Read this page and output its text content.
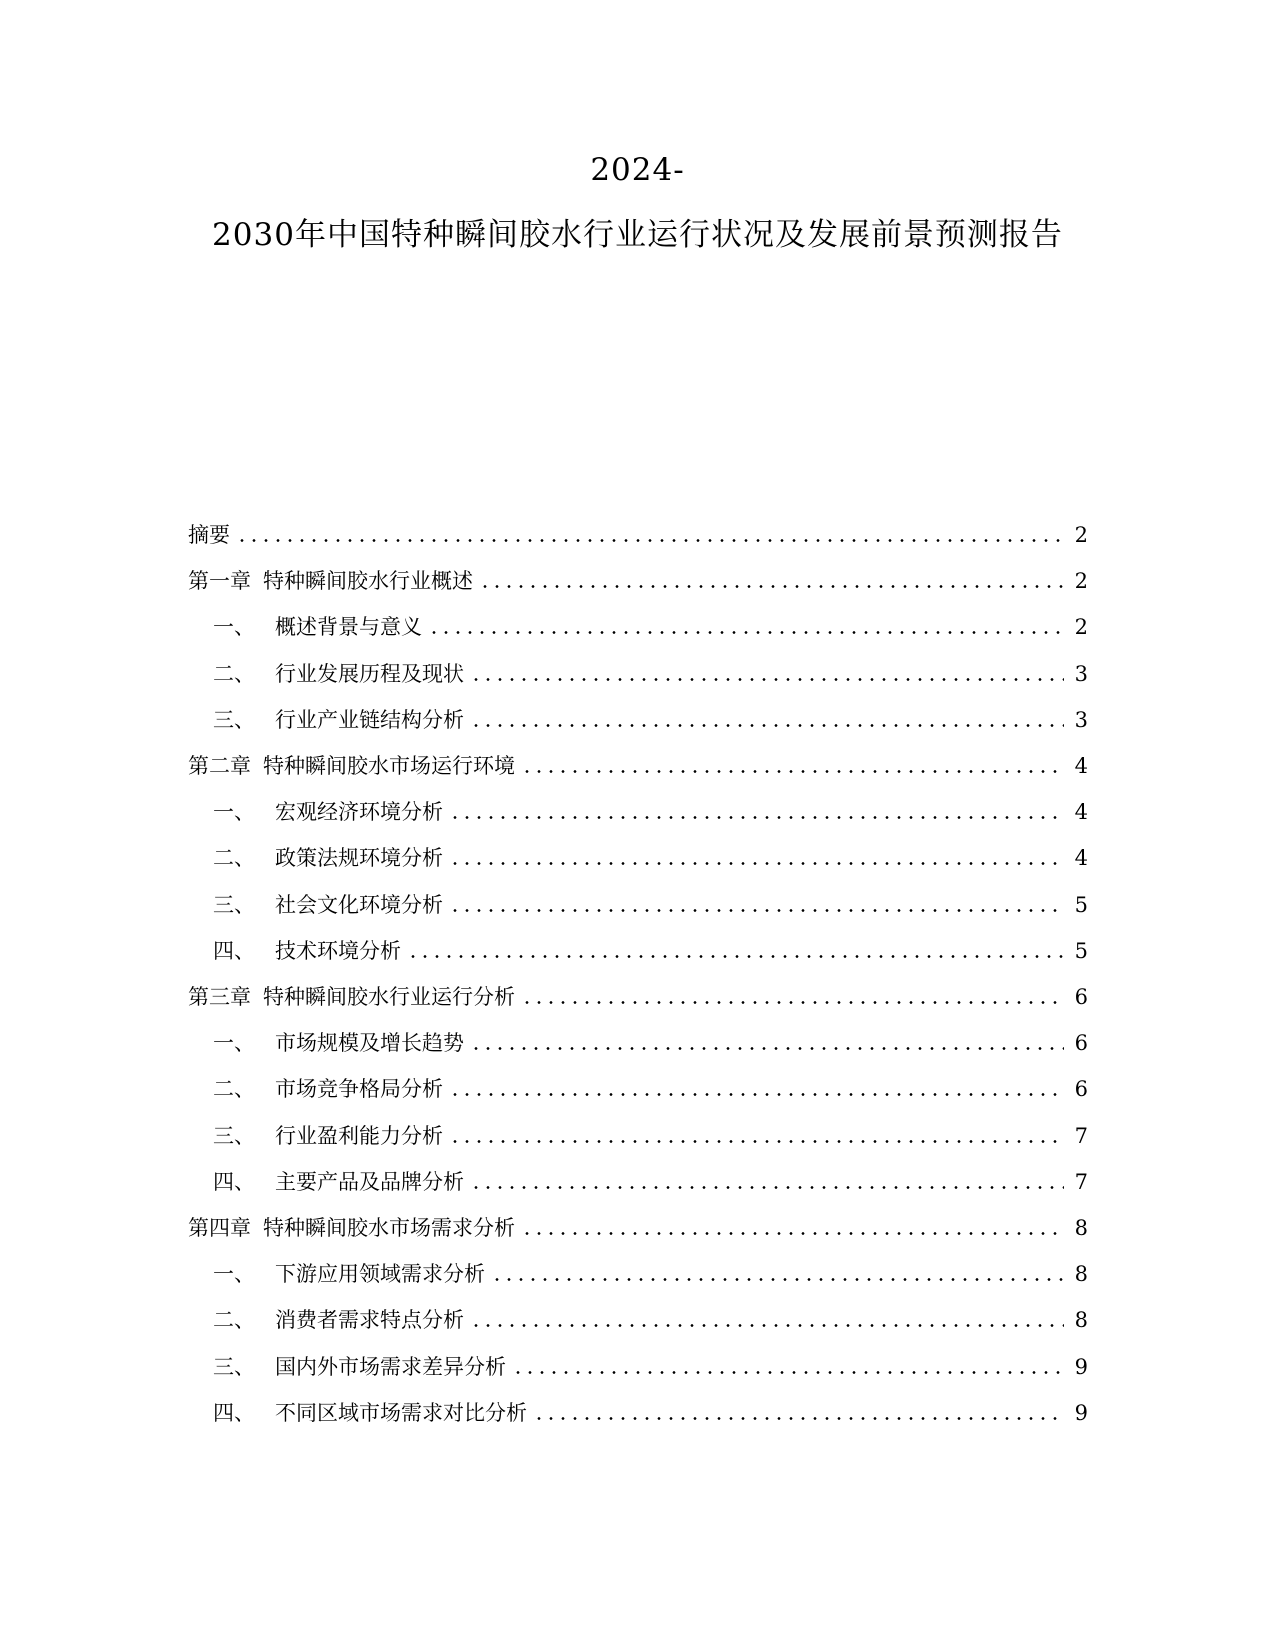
2024-
2030年中国特种瞬间胶水行业运行状况及发展前景预测报告
摘要	2
第一章 特种瞬间胶水行业概述	2
一、 概述背景与意义	2
二、 行业发展历程及现状	3
三、 行业产业链结构分析	3
第二章 特种瞬间胶水市场运行环境	4
一、 宏观经济环境分析	4
二、 政策法规环境分析	4
三、 社会文化环境分析	5
四、 技术环境分析	5
第三章 特种瞬间胶水行业运行分析	6
一、 市场规模及增长趋势	6
二、 市场竞争格局分析	6
三、 行业盈利能力分析	7
四、 主要产品及品牌分析	7
第四章 特种瞬间胶水市场需求分析	8
一、 下游应用领域需求分析	8
二、 消费者需求特点分析	8
三、 国内外市场需求差异分析	9
四、 不同区域市场需求对比分析	9
